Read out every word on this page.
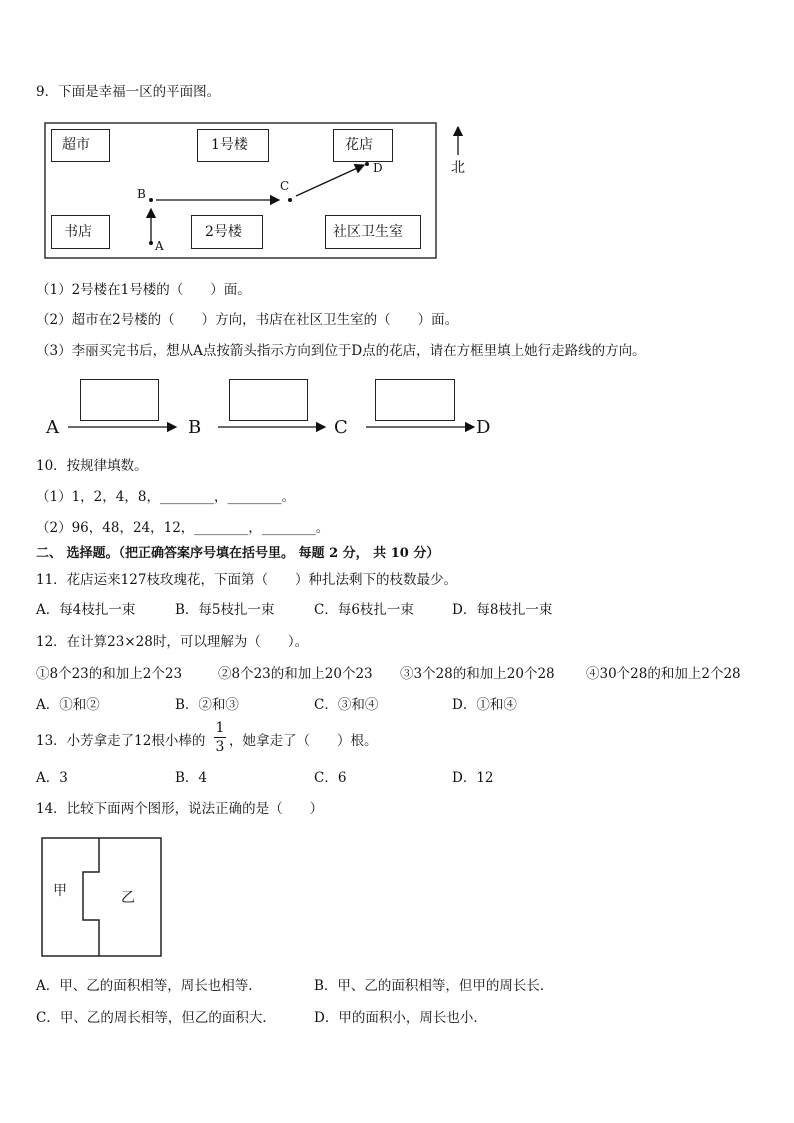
9．下面是幸福一区的平面图。
超市	1号楼	花店
书店	2号楼	社区卫生室
北
A
B
C
D
（1）2号楼在1号楼的（　　）面。
（2）超市在2号楼的（　　）方向，书店在社区卫生室的（　　）面。
（3）李丽买完书后，想从A点按箭头指示方向到位于D点的花店，请在方框里填上她行走路线的方向。
A	B	C	D
10．按规律填数。
（1）1，2，4，8，________，________。
（2）96，48，24，12，________，________。
二、 选择题。（把正确答案序号填在括号里。 每题 2 分， 共 10 分）
11．花店运来127枝玫瑰花，下面第（　　）种扎法剩下的枝数最少。
A．每4枝扎一束	B．每5枝扎一束	C．每6枝扎一束	D．每8枝扎一束
12．在计算23×28时，可以理解为（　　）。
①8个23的和加上2个23	②8个23的和加上20个23 ③3个28的和加上20个28 ④30个28的和加上2个28
A．①和②	B．②和③	C．③和④	D．①和④
13．小芳拿走了12根小棒的
1
3 ，她拿走了（　　）根。
A．3	B．4	C．6	D．12
14．比较下面两个图形，说法正确的是（　　）
甲	乙
A．甲、乙的面积相等，周长也相等．	B．甲、乙的面积相等，但甲的周长长．
C．甲、乙的周长相等，但乙的面积大．	D．甲的面积小，周长也小．
